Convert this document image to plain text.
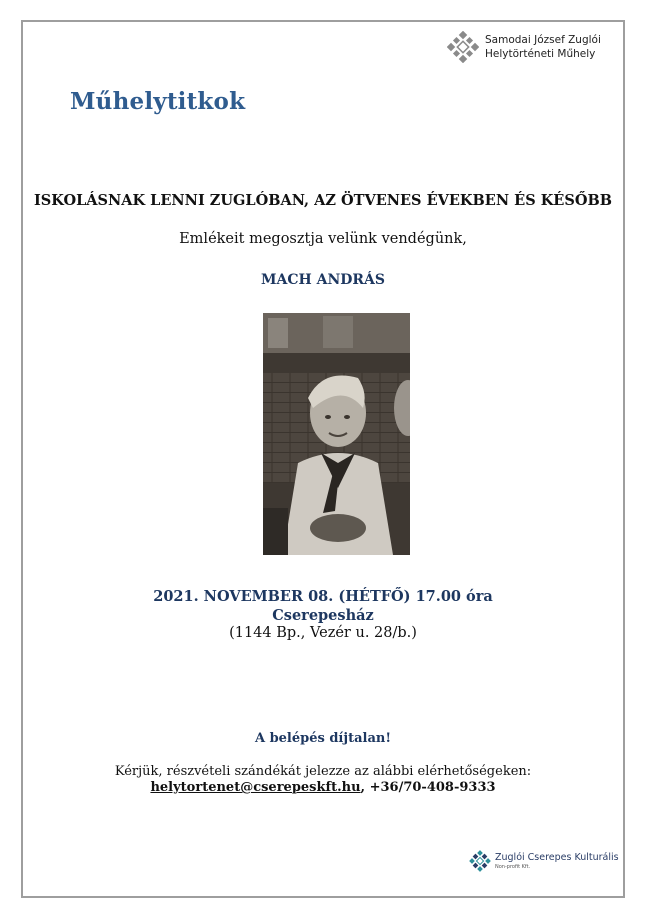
Samodai József Zuglói
Helytörténeti Műhely
Műhelytitkok
ISKOLÁSNAK LENNI ZUGLÓBAN, AZ ÖTVENES ÉVEKBEN ÉS KÉSŐBB
Emlékeit megosztja velünk vendégünk,
MACH ANDRÁS
2021. NOVEMBER 08. (HÉTFŐ) 17.00 óra
Cserepesház
(1144 Bp., Vezér u. 28/b.)
A belépés díjtalan!
Kérjük, részvételi szándékát jelezze az alábbi elérhetőségeken:
helytortenet@cserepeskft.hu, +36/70-408-9333
Zuglói Cserepes Kulturális
Non-profit Kft.
